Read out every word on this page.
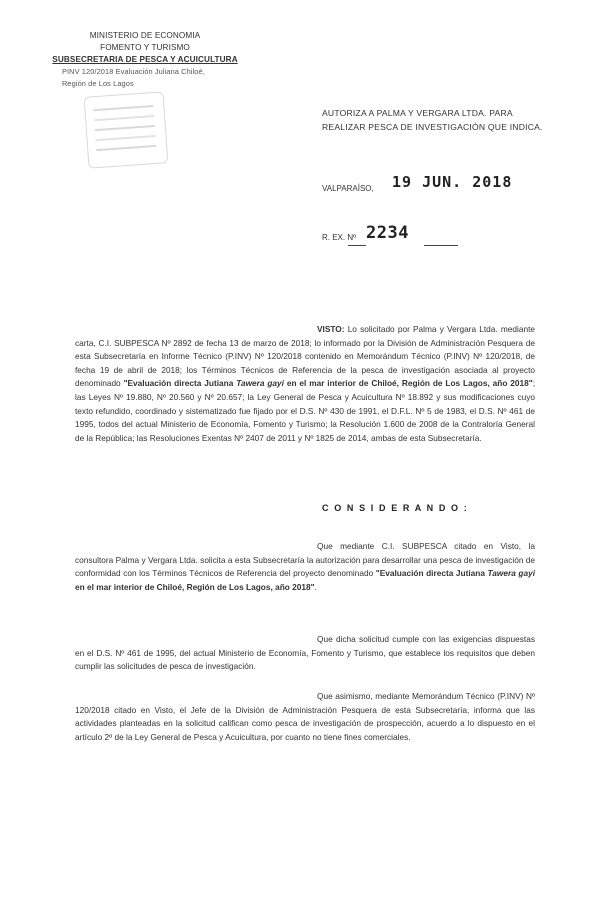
MINISTERIO DE ECONOMIA
FOMENTO Y TURISMO
SUBSECRETARIA DE PESCA Y ACUICULTURA
PINV 120/2018 Evaluación Juliana Chiloé,
Región de Los Lagos
AUTORIZA A PALMA Y VERGARA LTDA. PARA
REALIZAR PESCA DE INVESTIGACIÓN QUE INDICA.
VALPARAÍSO, 19 JUN. 2018
R. EX. Nº 2234
VISTO: Lo solicitado por Palma y Vergara Ltda. mediante carta, C.I. SUBPESCA Nº 2892 de fecha 13 de marzo de 2018; lo informado por la División de Administración Pesquera de esta Subsecretaría en Informe Técnico (P.INV) Nº 120/2018 contenido en Memorándum Técnico (P.INV) Nº 120/2018, de fecha 19 de abril de 2018; los Términos Técnicos de Referencia de la pesca de investigación asociada al proyecto denominado "Evaluación directa Jutiana Tawera gayi en el mar interior de Chiloé, Región de Los Lagos, año 2018"; las Leyes Nº 19.880, Nº 20.560 y Nº 20.657; la Ley General de Pesca y Acuicultura Nº 18.892 y sus modificaciones cuyo texto refundido, coordinado y sistematizado fue fijado por el D.S. Nº 430 de 1991, el D.F.L. Nº 5 de 1983, el D.S. Nº 461 de 1995, todos del actual Ministerio de Economía, Fomento y Turismo; la Resolución 1.600 de 2008 de la Contraloría General de la República; las Resoluciones Exentas Nº 2407 de 2011 y Nº 1825 de 2014, ambas de esta Subsecretaría.
C O N S I D E R A N D O :
Que mediante C.I. SUBPESCA citado en Visto, la consultora Palma y Vergara Ltda. solicita a esta Subsecretaría la autorización para desarrollar una pesca de investigación de conformidad con los Términos Técnicos de Referencia del proyecto denominado "Evaluación directa Jutiana Tawera gayi en el mar interior de Chiloé, Región de Los Lagos, año 2018".
Que dicha solicitud cumple con las exigencias dispuestas en el D.S. Nº 461 de 1995, del actual Ministerio de Economía, Fomento y Turismo, que establece los requisitos que deben cumplir las solicitudes de pesca de investigación.
Que asimismo, mediante Memorándum Técnico (P.INV) Nº 120/2018 citado en Visto, el Jefe de la División de Administración Pesquera de esta Subsecretaría, informa que las actividades planteadas en la solicitud califican como pesca de investigación de prospección, acuerdo a lo dispuesto en el artículo 2º de la Ley General de Pesca y Acuicultura, por cuanto no tiene fines comerciales.
